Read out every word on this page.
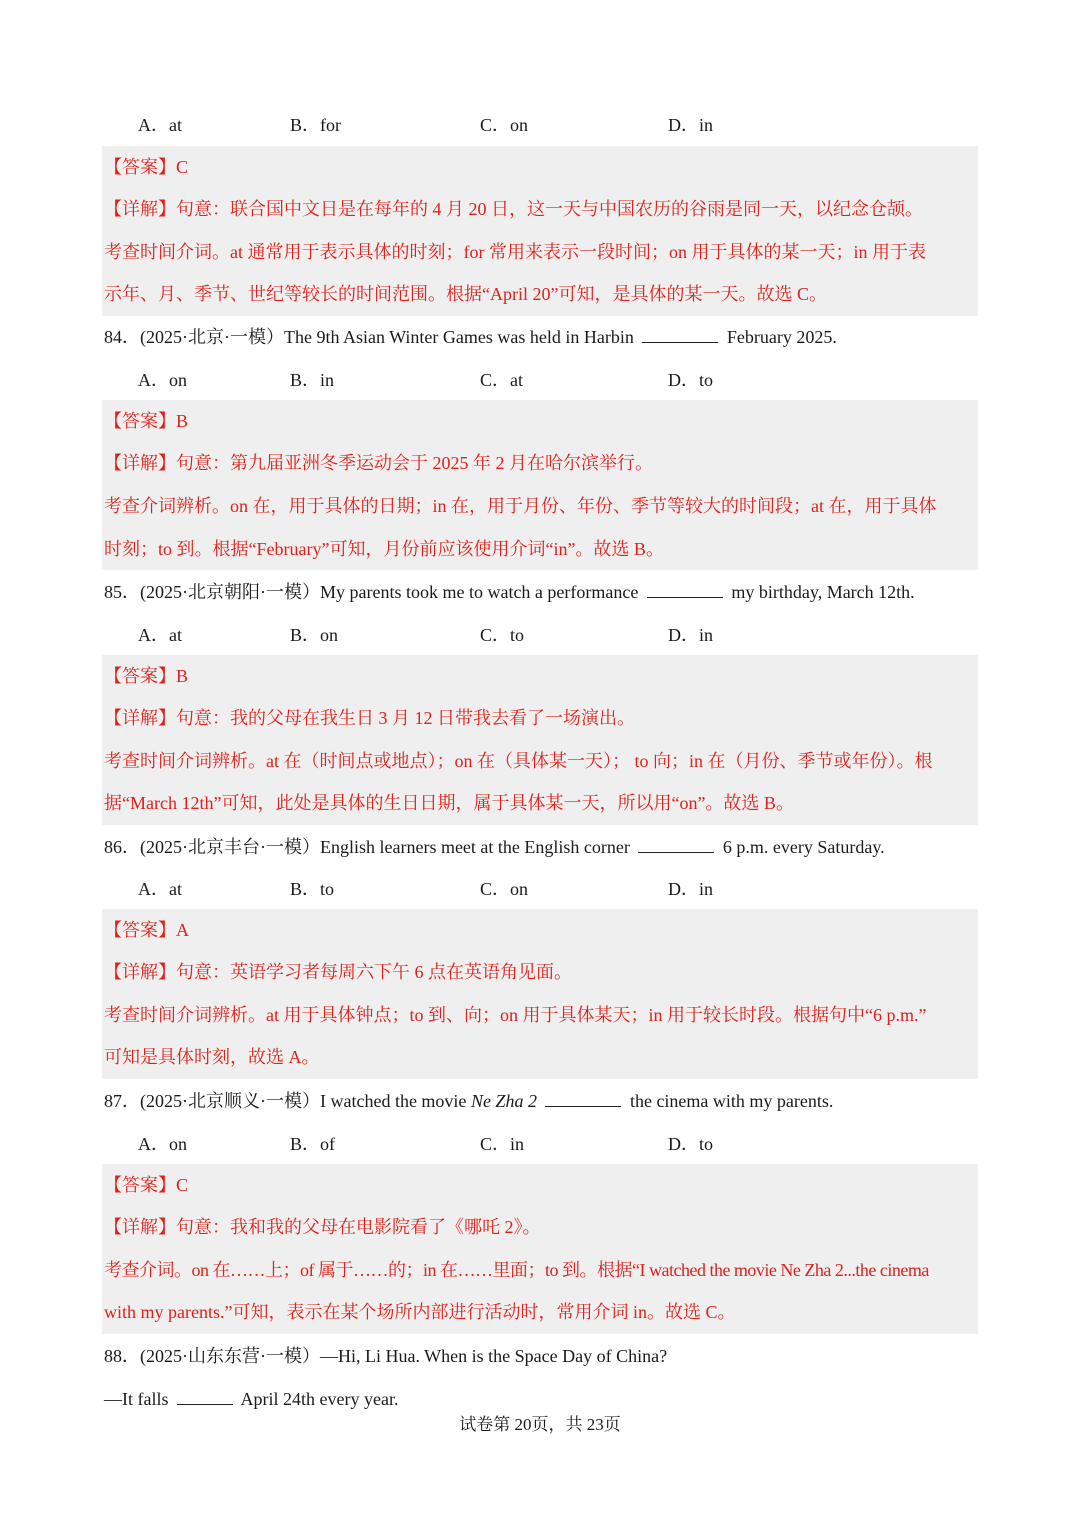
A．at	B．for	C．on	D．in
【答案】C
【详解】句意：联合国中文日是在每年的 4 月 20 日，这一天与中国农历的谷雨是同一天，以纪念仓颉。
考查时间介词。at 通常用于表示具体的时刻；for 常用来表示一段时间；on 用于具体的某一天；in 用于表
示年、月、季节、世纪等较长的时间范围。根据“April 20”可知，是具体的某一天。故选 C。
84．(2025·北京·一模）The 9th Asian Winter Games was held in Harbin	February 2025.
A．on	B．in	C．at	D．to
【答案】B
【详解】句意：第九届亚洲冬季运动会于 2025 年 2 月在哈尔滨举行。
考查介词辨析。on 在，用于具体的日期；in 在，用于月份、年份、季节等较大的时间段；at 在，用于具体
时刻；to 到。根据“February”可知，月份前应该使用介词“in”。故选 B。
85．(2025·北京朝阳·一模）My parents took me to watch a performance	my birthday, March 12th.
A．at	B．on	C．to	D．in
【答案】B
【详解】句意：我的父母在我生日 3 月 12 日带我去看了一场演出。
考查时间介词辨析。at 在（时间点或地点）；on 在（具体某一天）； to 向；in 在（月份、季节或年份）。根
据“March 12th”可知，此处是具体的生日日期，属于具体某一天，所以用“on”。故选 B。
86．(2025·北京丰台·一模）English learners meet at the English corner	6 p.m. every Saturday.
A．at	B．to	C．on	D．in
【答案】A
【详解】句意：英语学习者每周六下午 6 点在英语角见面。
考查时间介词辨析。at 用于具体钟点；to 到、向；on 用于具体某天；in 用于较长时段。根据句中“6 p.m.”
可知是具体时刻，故选 A。
87．(2025·北京顺义·一模）I watched the movie Ne Zha 2	the cinema with my parents.
A．on	B．of	C．in	D．to
【答案】C
【详解】句意：我和我的父母在电影院看了《哪吒 2》。
考查介词。on 在……上；of 属于……的；in 在……里面；to 到。根据“I watched the movie Ne Zha 2...the cinema
with my parents.”可知，表示在某个场所内部进行活动时，常用介词 in。故选 C。
88．(2025·山东东营·一模）—Hi, Li Hua. When is the Space Day of China?
—It falls	April 24th every year.
试卷第 20页，共 23页
